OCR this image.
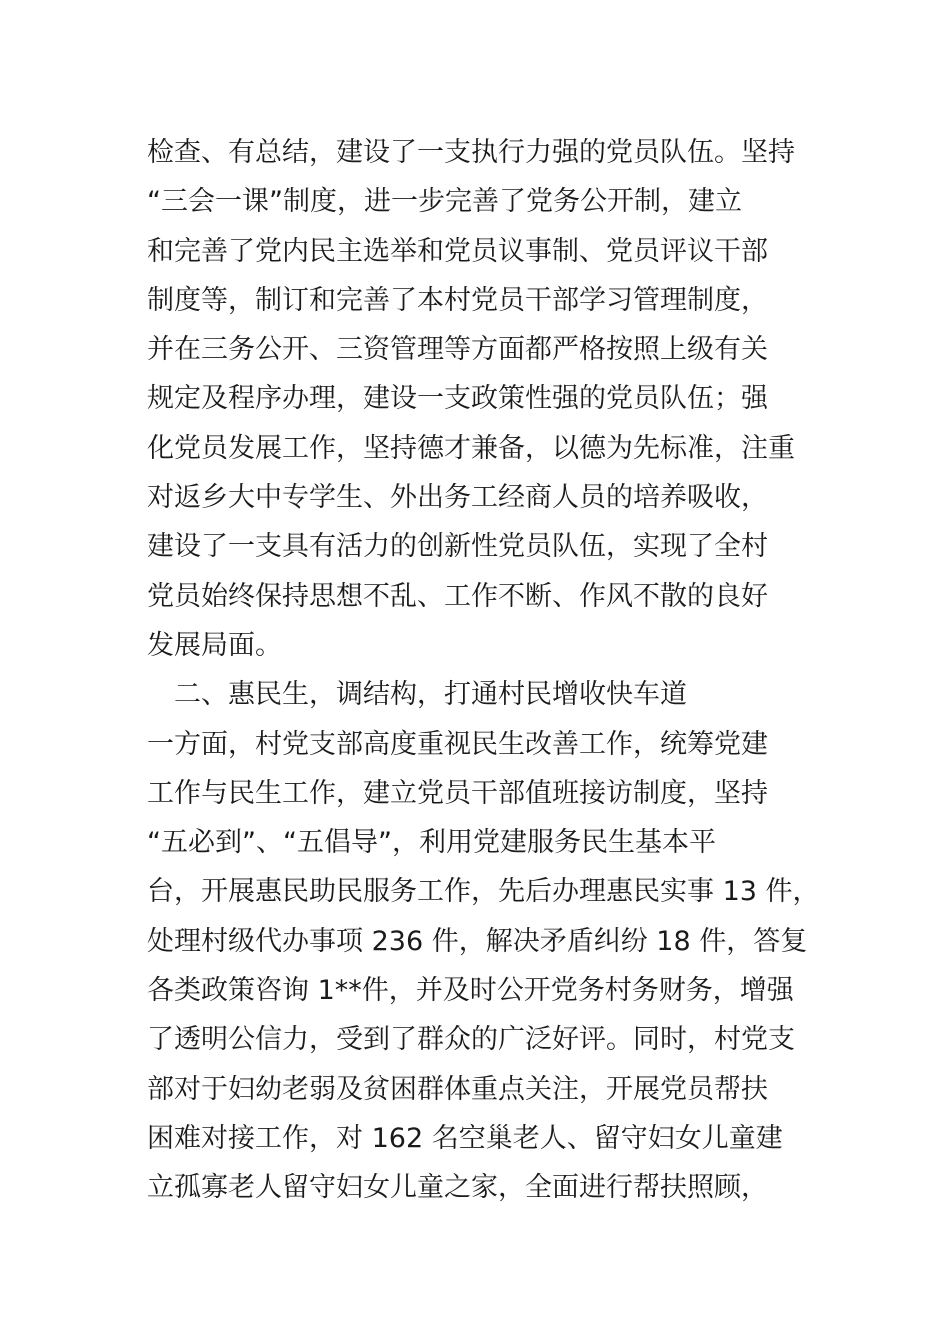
检查、有总结，建设了一支执行力强的党员队伍。坚持
“三会一课”制度，进一步完善了党务公开制，建立
和完善了党内民主选举和党员议事制、党员评议干部
制度等，制订和完善了本村党员干部学习管理制度，
并在三务公开、三资管理等方面都严格按照上级有关
规定及程序办理，建设一支政策性强的党员队伍；强
化党员发展工作，坚持德才兼备，以德为先标准，注重
对返乡大中专学生、外出务工经商人员的培养吸收，
建设了一支具有活力的创新性党员队伍，实现了全村
党员始终保持思想不乱、工作不断、作风不散的良好
发展局面。
二、惠民生，调结构，打通村民增收快车道
一方面，村党支部高度重视民生改善工作，统筹党建
工作与民生工作，建立党员干部值班接访制度，坚持
“五必到”、“五倡导”，利用党建服务民生基本平
台，开展惠民助民服务工作，先后办理惠民实事 13 件，
处理村级代办事项 236 件，解决矛盾纠纷 18 件，答复
各类政策咨询 1**件，并及时公开党务村务财务，增强
了透明公信力，受到了群众的广泛好评。同时，村党支
部对于妇幼老弱及贫困群体重点关注，开展党员帮扶
困难对接工作，对 162 名空巢老人、留守妇女儿童建
立孤寡老人留守妇女儿童之家，全面进行帮扶照顾，
